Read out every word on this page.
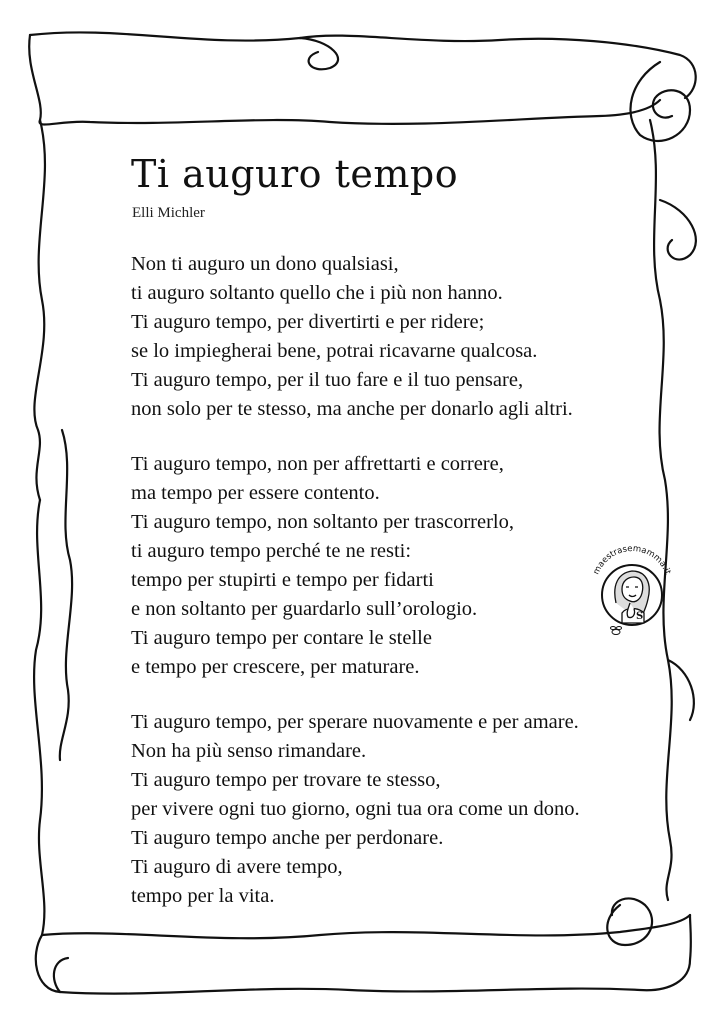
Ti auguro tempo
Elli Michler
Non ti auguro un dono qualsiasi,
ti auguro soltanto quello che i più non hanno.
Ti auguro tempo, per divertirti e per ridere;
se lo impiegherai bene, potrai ricavarne qualcosa.
Ti auguro tempo, per il tuo fare e il tuo pensare,
non solo per te stesso, ma anche per donarlo agli altri.
Ti auguro tempo, non per affrettarti e correre,
ma tempo per essere contento.
Ti auguro tempo, non soltanto per trascorrerlo,
ti auguro tempo perché te ne resti:
tempo per stupirti e tempo per fidarti
e non soltanto per guardarlo sull’orologio.
Ti auguro tempo per contare le stelle
e tempo per crescere, per maturare.
Ti auguro tempo, per sperare nuovamente e per amare.
Non ha più senso rimandare.
Ti auguro tempo per trovare te stesso,
per vivere ogni tuo giorno, ogni tua ora come un dono.
Ti auguro tempo anche per perdonare.
Ti auguro di avere tempo,
tempo per la vita.
maestrasemamma.it
S
